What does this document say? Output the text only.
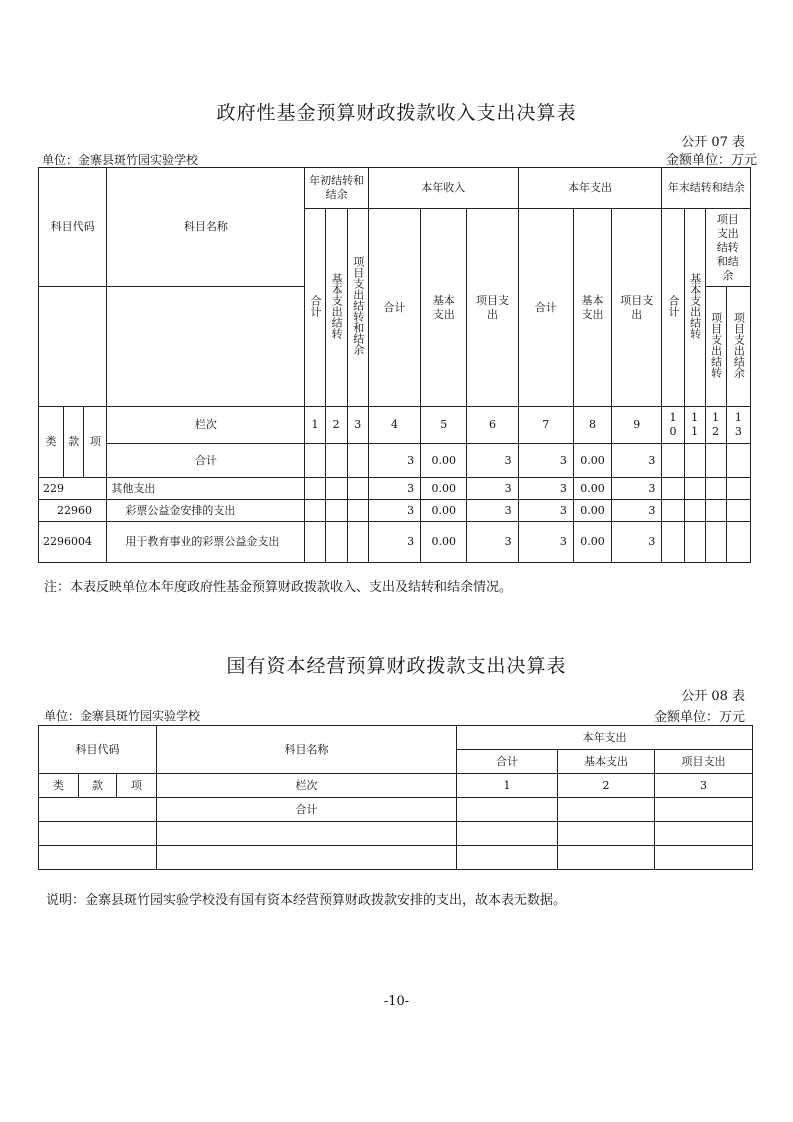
政府性基金预算财政拨款收入支出决算表
公开 07 表
单位：金寨县斑竹园实验学校	金额单位：万元
科目代码			科目名称	年初结转和结余			本年收入			本年支出			年末结转和结余			
				合计	基本支出结转	项目支出结转和结余	合计	基本支出	项目支出	合计	基本支出	项目支出	合计	基本支出结转	项目支出结转和结余	
															项目支出结转	项目支出结余
类	款	项	栏次	1	2	3	4	5	6	7	8	9	10	11	12	13
			合计				3	0.00	3	3	0.00	3				
229			其他支出				3	0.00	3	3	0.00	3				
22960			彩票公益金安排的支出				3	0.00	3	3	0.00	3				
2296004			用于教育事业的彩票公益金支出				3	0.00	3	3	0.00	3				
注：本表反映单位本年度政府性基金预算财政拨款收入、支出及结转和结余情况。
国有资本经营预算财政拨款支出决算表
公开 08 表
单位：金寨县斑竹园实验学校	金额单位：万元
科目代码			科目名称	本年支出		
				合计	基本支出	项目支出
类	款	项	栏次	1	2	3
			合计			

说明：金寨县斑竹园实验学校没有国有资本经营预算财政拨款安排的支出，故本表无数据。
-10-
